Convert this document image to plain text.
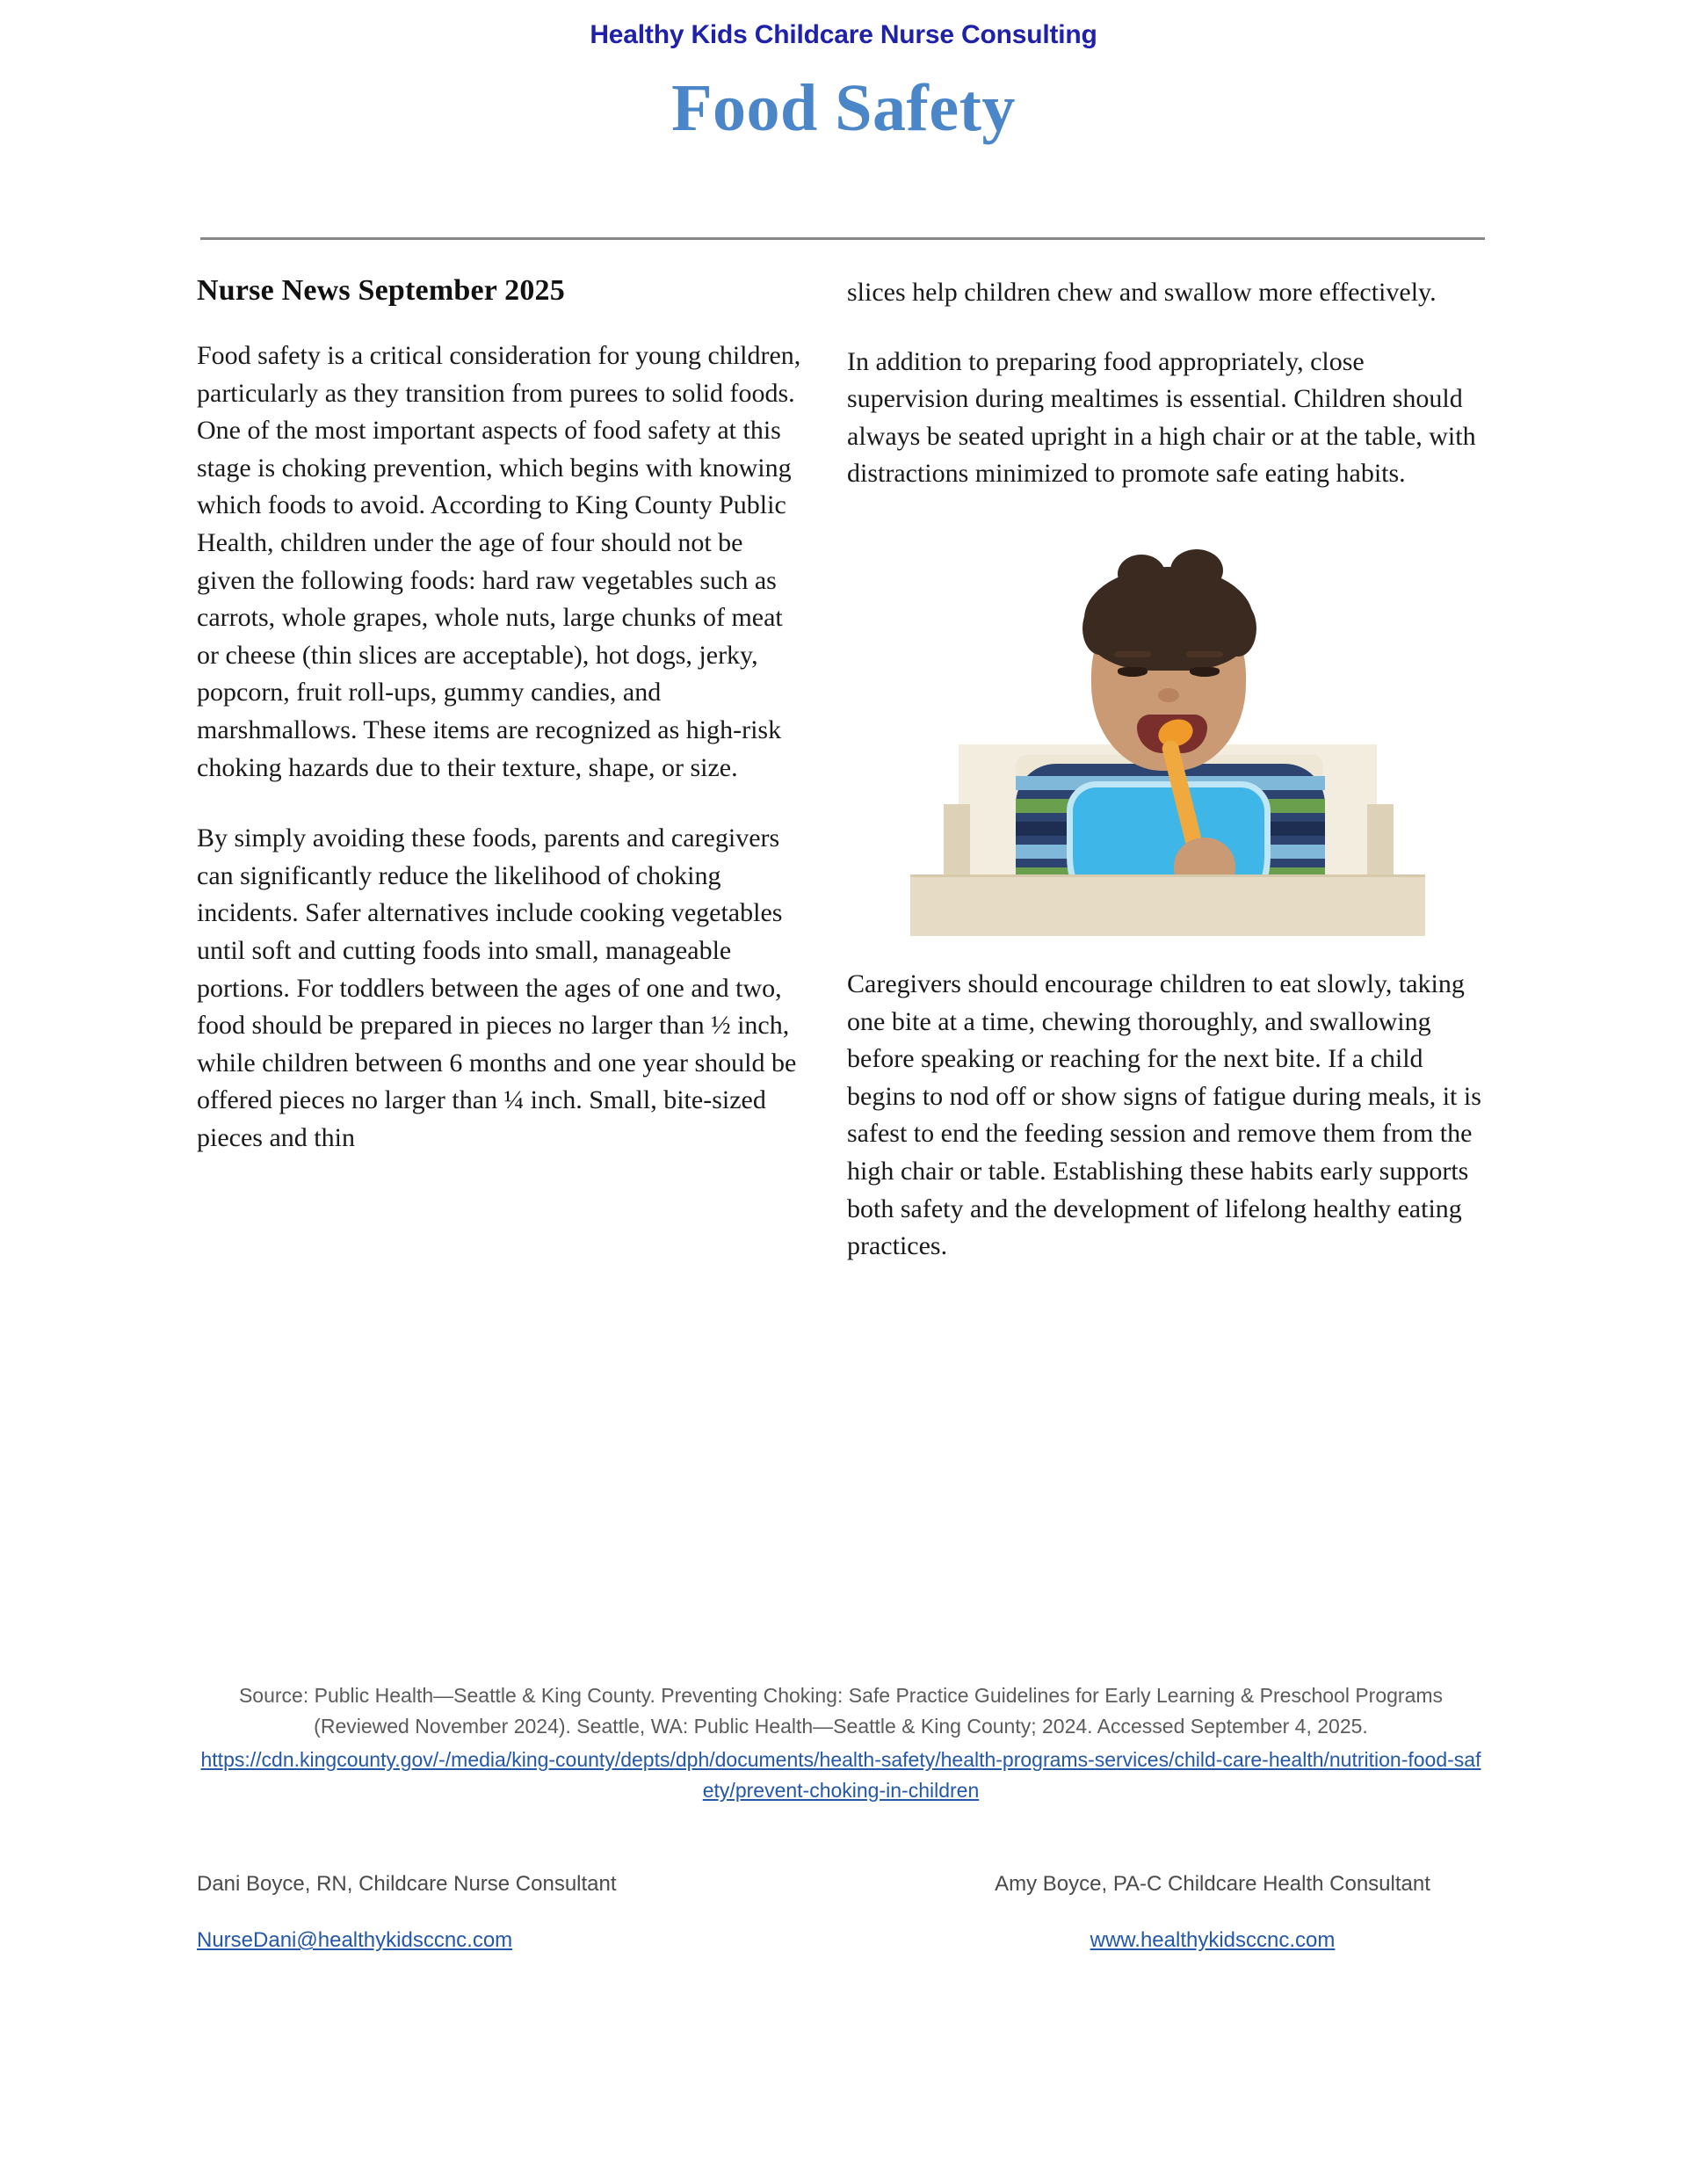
Healthy Kids Childcare Nurse Consulting
Food Safety
Nurse News September 2025

Food safety is a critical consideration for young children, particularly as they transition from purees to solid foods. One of the most important aspects of food safety at this stage is choking prevention, which begins with knowing which foods to avoid. According to King County Public Health, children under the age of four should not be given the following foods: hard raw vegetables such as carrots, whole grapes, whole nuts, large chunks of meat or cheese (thin slices are acceptable), hot dogs, jerky, popcorn, fruit roll-ups, gummy candies, and marshmallows. These items are recognized as high-risk choking hazards due to their texture, shape, or size.

By simply avoiding these foods, parents and caregivers can significantly reduce the likelihood of choking incidents. Safer alternatives include cooking vegetables until soft and cutting foods into small, manageable portions. For toddlers between the ages of one and two, food should be prepared in pieces no larger than ½ inch, while children between 6 months and one year should be offered pieces no larger than ¼ inch. Small, bite-sized pieces and thin

slices help children chew and swallow more effectively.

In addition to preparing food appropriately, close supervision during mealtimes is essential. Children should always be seated upright in a high chair or at the table, with distractions minimized to promote safe eating habits.

Caregivers should encourage children to eat slowly, taking one bite at a time, chewing thoroughly, and swallowing before speaking or reaching for the next bite. If a child begins to nod off or show signs of fatigue during meals, it is safest to end the feeding session and remove them from the high chair or table. Establishing these habits early supports both safety and the development of lifelong healthy eating practices.

Source: Public Health—Seattle & King County. Preventing Choking: Safe Practice Guidelines for Early Learning & Preschool Programs (Reviewed November 2024). Seattle, WA: Public Health—Seattle & King County; 2024. Accessed September 4, 2025.
https://cdn.kingcounty.gov/-/media/king-county/depts/dph/documents/health-safety/health-programs-services/child-care-health/nutrition-food-safety/prevent-choking-in-children
Dani Boyce, RN, Childcare Nurse Consultant	Amy Boyce, PA-C Childcare Health Consultant
NurseDani@healthykidsccnc.com	www.healthykidsccnc.com
